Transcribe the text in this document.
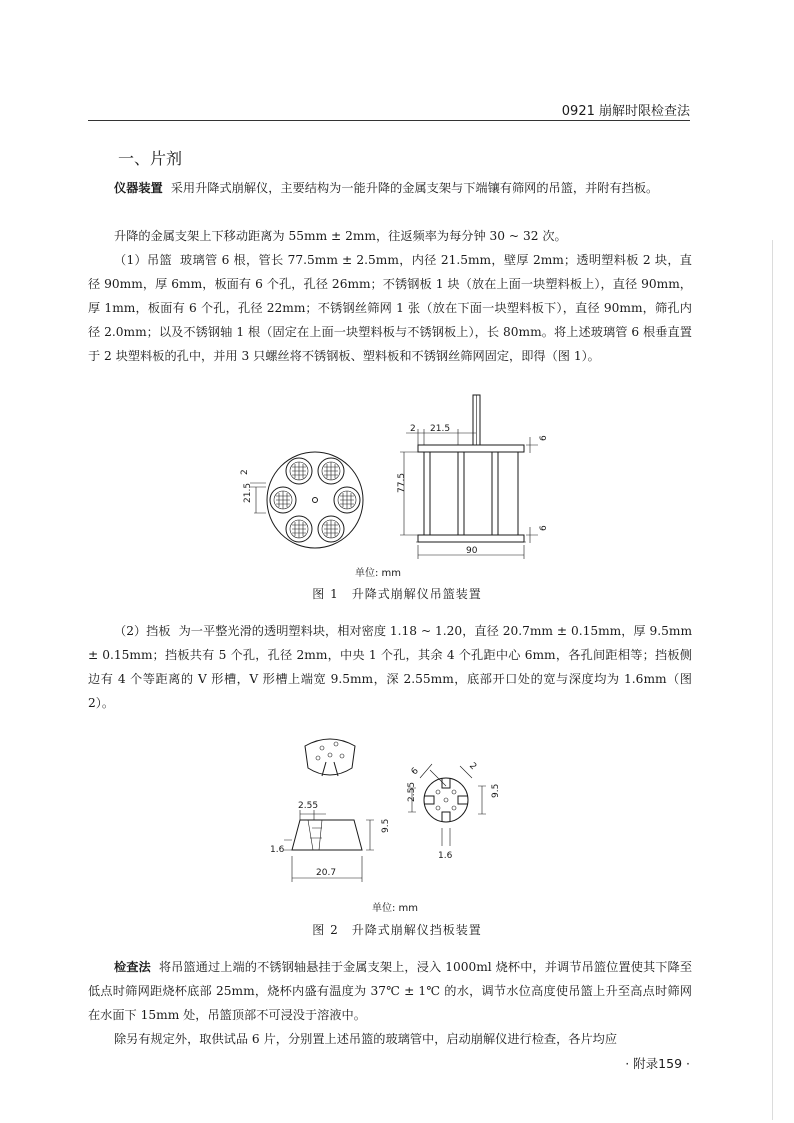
0921 崩解时限检查法
一、片剂
仪器装置 采用升降式崩解仪，主要结构为一能升降的金属支架与下端镶有筛网的吊篮，并附有挡板。
升降的金属支架上下移动距离为 55mm ± 2mm，往返频率为每分钟 30 ~ 32 次。
（1）吊篮 玻璃管 6 根，管长 77.5mm ± 2.5mm，内径 21.5mm，壁厚 2mm；透明塑料板 2 块，直径 90mm，厚 6mm，板面有 6 个孔，孔径 26mm；不锈钢板 1 块（放在上面一块塑料板上），直径 90mm，厚 1mm，板面有 6 个孔，孔径 22mm；不锈钢丝筛网 1 张（放在下面一块塑料板下），直径 90mm，筛孔内径 2.0mm；以及不锈钢轴 1 根（固定在上面一块塑料板与不锈钢板上），长 80mm。将上述玻璃管 6 根垂直置于 2 块塑料板的孔中，并用 3 只螺丝将不锈钢板、塑料板和不锈钢丝筛网固定，即得（图 1）。
21.5
2
77.5
90
2 21.5
6
6
单位: mm
图 1　升降式崩解仪吊篮装置
（2）挡板 为一平整光滑的透明塑料块，相对密度 1.18 ~ 1.20，直径 20.7mm ± 0.15mm，厚 9.5mm ± 0.15mm；挡板共有 5 个孔，孔径 2mm，中央 1 个孔，其余 4 个孔距中心 6mm，各孔间距相等；挡板侧边有 4 个等距离的 V 形槽，V 形槽上端宽 9.5mm，深 2.55mm，底部开口处的宽与深度均为 1.6mm（图 2）。
1.6
20.7
9.5
2.55
6	2
9.5
2.55
1.6
单位: mm
图 2　升降式崩解仪挡板装置
检查法 将吊篮通过上端的不锈钢轴悬挂于金属支架上，浸入 1000ml 烧杯中，并调节吊篮位置使其下降至低点时筛网距烧杯底部 25mm，烧杯内盛有温度为 37℃ ± 1℃ 的水，调节水位高度使吊篮上升至高点时筛网在水面下 15mm 处，吊篮顶部不可浸没于溶液中。
除另有规定外，取供试品 6 片，分别置上述吊篮的玻璃管中，启动崩解仪进行检查，各片均应
· 附录159 ·
